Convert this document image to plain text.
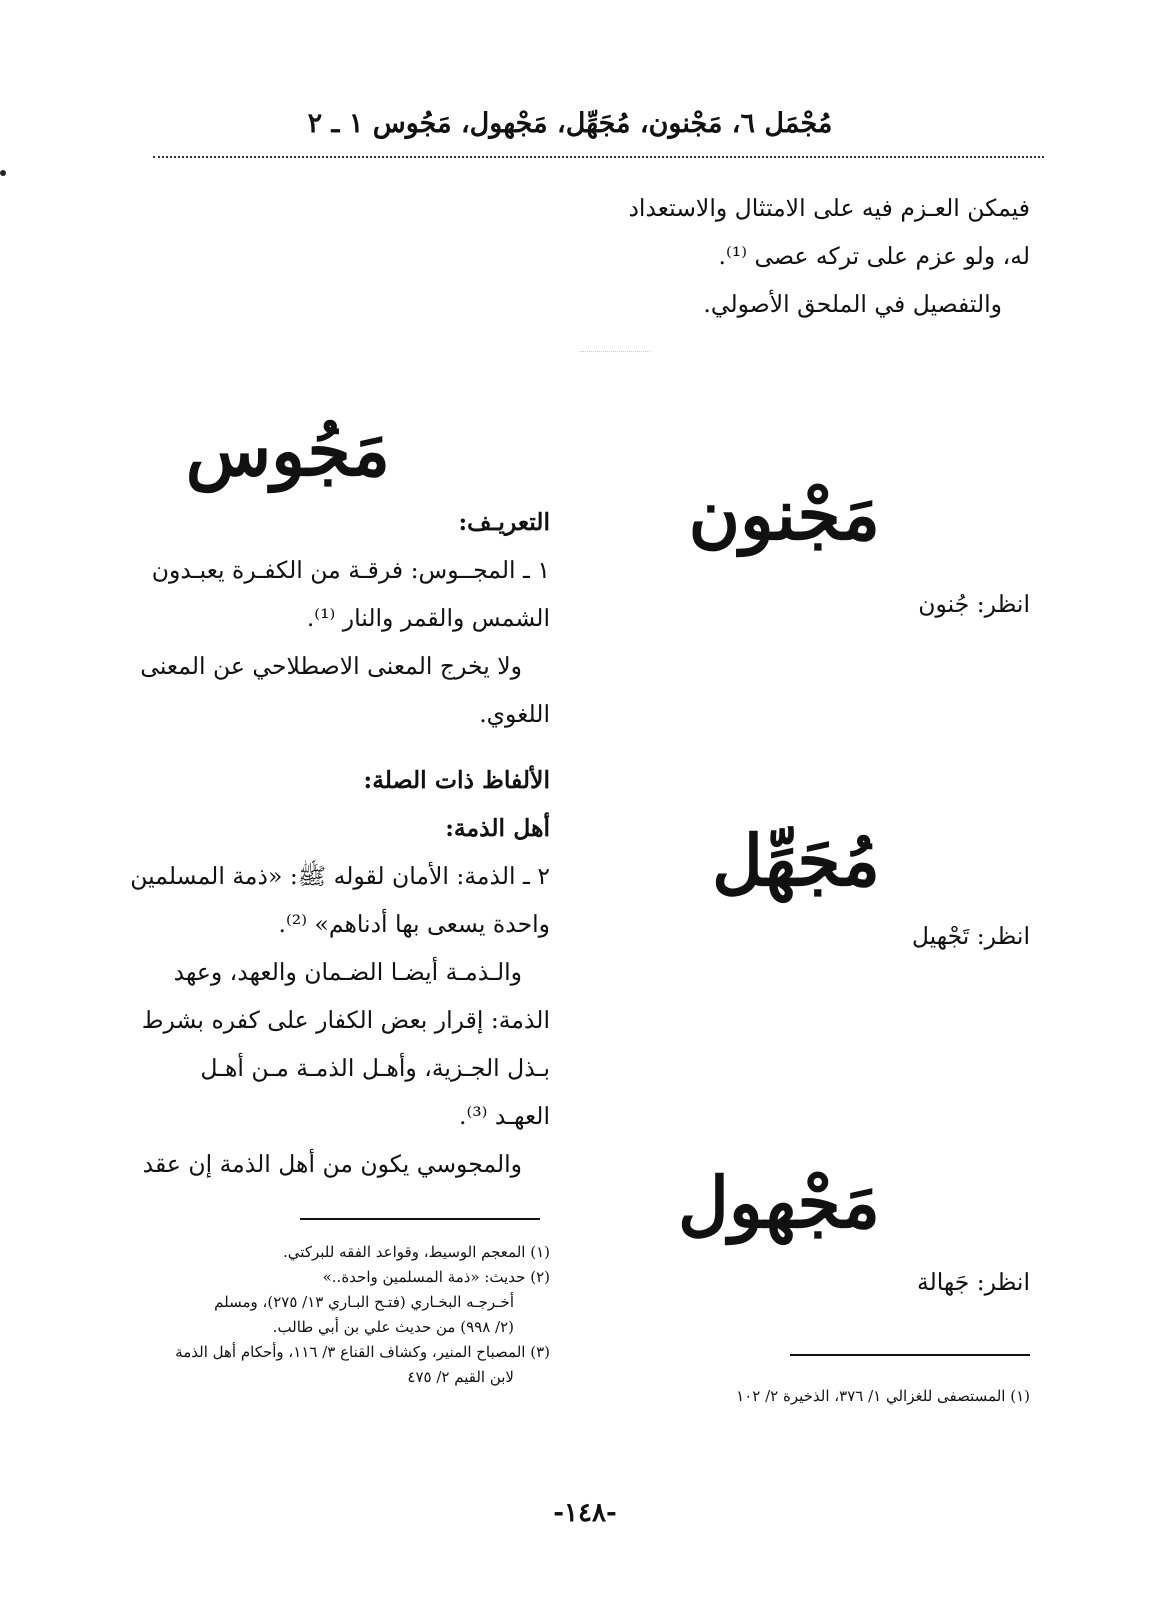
مُجْمَل ٦، مَجْنون، مُجَهِّل، مَجْهول، مَجُوس ١ ـ ٢
فيمكن العـزم فيه على الامتثال والاستعداد
له، ولو عزم على تركه عصى ⁽¹⁾.
والتفصيل في الملحق الأصولي.
مَجْنون
انظر: جُنون
مُجَهِّل
انظر: تَجْهيل
مَجْهول
انظر: جَهالة
(١) المستصفى للغزالي ١/ ٣٧٦، الذخيرة ٢/ ١٠٢
مَجُوس
التعريـف:
١ ـ المجــوس: فرقـة من الكفـرة يعبـدون
الشمس والقمر والنار ⁽¹⁾.
ولا يخرج المعنى الاصطلاحي عن المعنى
اللغوي.
الألفاظ ذات الصلة:
أهل الذمة:
٢ ـ الذمة: الأمان لقوله ﷺ: «ذمة المسلمين
واحدة يسعى بها أدناهم» ⁽²⁾.
والـذمـة أيضـا الضـمان والعهد، وعهد
الذمة: إقرار بعض الكفار على كفره بشرط
بـذل الجـزية، وأهـل الذمـة مـن أهـل
العهـد ⁽³⁾.
والمجوسي يكون من أهل الذمة إن عقد
(١) المعجم الوسيط، وقواعد الفقه للبركتي.
(٢) حديث: «ذمة المسلمين واحدة..»
أخـرجـه البخـاري (فتـح البـاري ١٣/ ٢٧٥)، ومسلم
(٢/ ٩٩٨) من حديث علي بن أبي طالب.
(٣) المصباح المنير، وكشاف القناع ٣/ ١١٦، وأحكام أهل الذمة
لابن القيم ٢/ ٤٧٥
-١٤٨-
